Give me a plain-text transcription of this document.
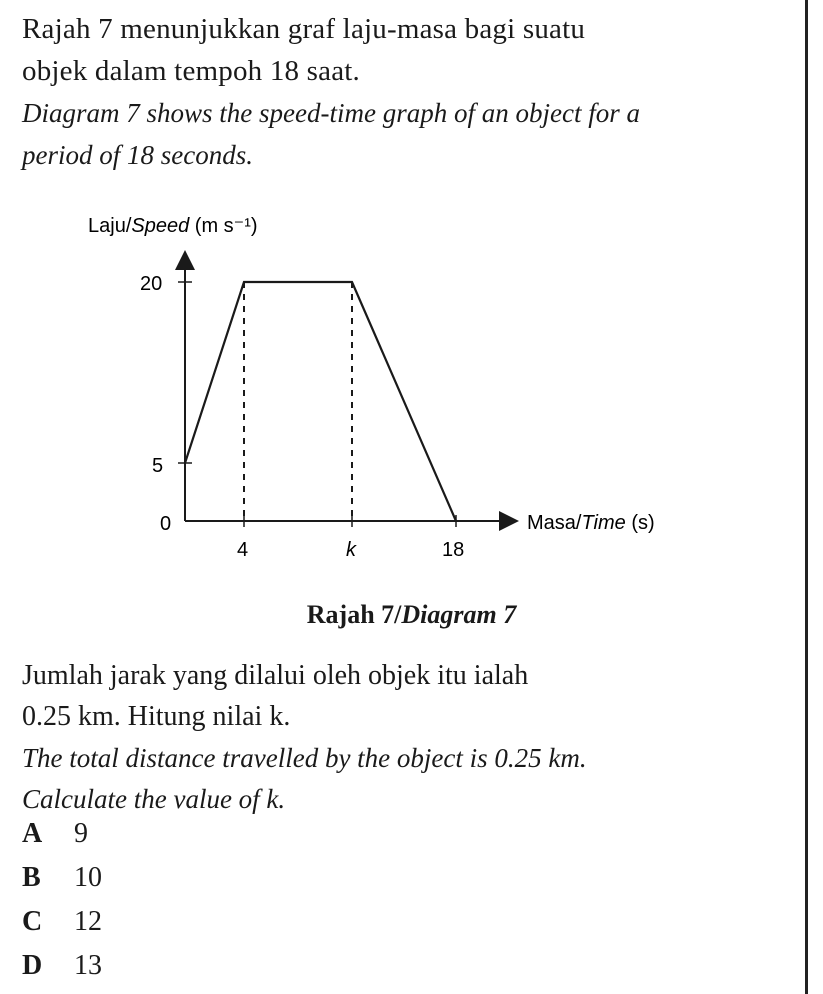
Rajah 7 menunjukkan graf laju-masa bagi suatu
objek dalam tempoh 18 saat.
Diagram 7 shows the speed-time graph of an object for a
period of 18 seconds.
Laju/Speed (m s⁻¹)
Masa/Time (s)
20
5
0
4	k	18
Rajah 7/Diagram 7
Jumlah jarak yang dilalui oleh objek itu ialah
0.25 km. Hitung nilai k.
The total distance travelled by the object is 0.25 km.
Calculate the value of k.
A	9
B	10
C	12
D	13
